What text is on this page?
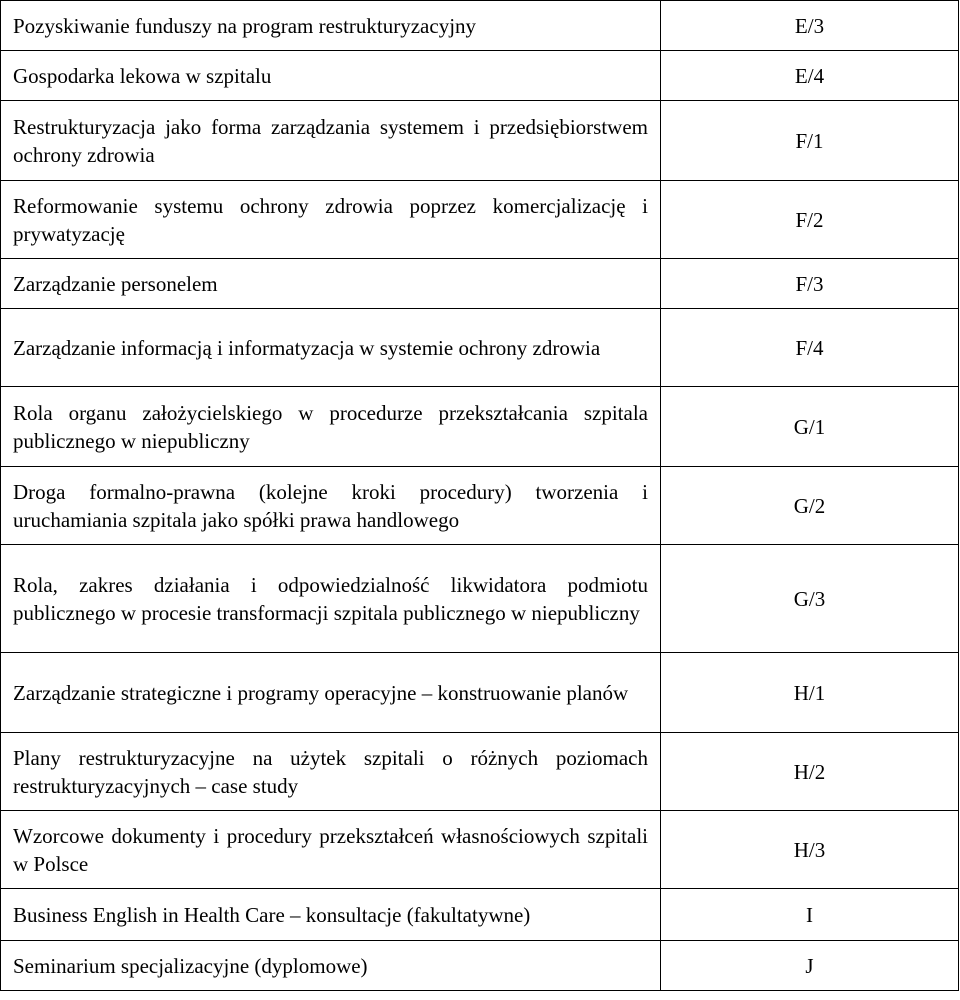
Pozyskiwanie funduszy na program restrukturyzacyjny	E/3
Gospodarka lekowa w szpitalu	E/4
Restrukturyzacja jako forma zarządzania systemem i przedsiębiorstwem ochrony zdrowia	F/1
Reformowanie systemu ochrony zdrowia poprzez komercjalizację i prywatyzację	F/2
Zarządzanie personelem	F/3
Zarządzanie informacją i informatyzacja w systemie ochrony zdrowia	F/4
Rola organu założycielskiego w procedurze przekształcania szpitala publicznego w niepubliczny	G/1
Droga formalno-prawna (kolejne kroki procedury) tworzenia i uruchamiania szpitala jako spółki prawa handlowego	G/2
Rola, zakres działania i odpowiedzialność likwidatora podmiotu publicznego w procesie transformacji szpitala publicznego w niepubliczny	G/3
Zarządzanie strategiczne i programy operacyjne – konstruowanie planów	H/1
Plany restrukturyzacyjne na użytek szpitali o różnych poziomach restrukturyzacyjnych – case study	H/2
Wzorcowe dokumenty i procedury przekształceń własnościowych szpitali w Polsce	H/3
Business English in Health Care – konsultacje (fakultatywne)	I
Seminarium specjalizacyjne (dyplomowe)	J
